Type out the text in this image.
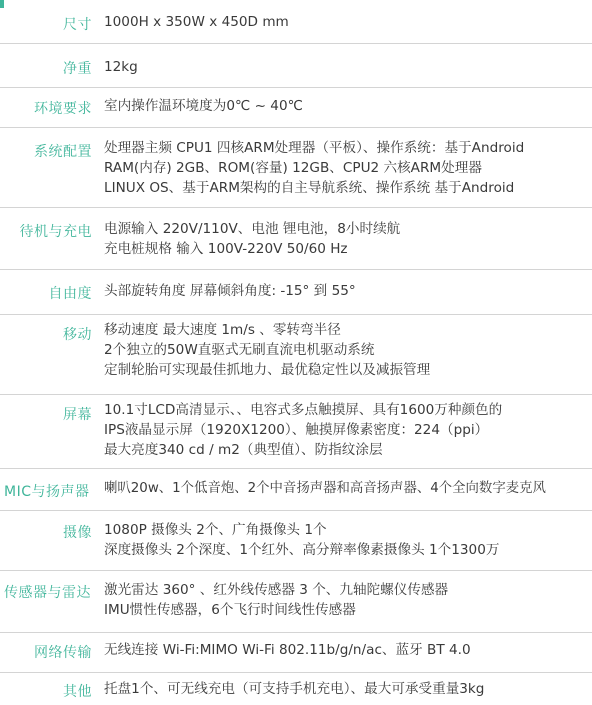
尺寸 1000H x 350W x 450D mm
净重 12kg
环境要求 室内操作温环境度为0℃ ~ 40℃
系统配置 处理器主频 CPU1 四核ARM处理器（平板）、操作系统：基于Android
RAM(内存) 2GB、ROM(容量) 12GB、CPU2 六核ARM处理器
LINUX OS、基于ARM架构的自主导航系统、操作系统 基于Android
待机与充电 电源输入 220V/110V、电池 锂电池，8小时续航
充电桩规格 输入 100V-220V 50/60 Hz
自由度 头部旋转角度 屏幕倾斜角度: -15° 到 55°
移动 移动速度 最大速度 1m/s 、零转弯半径
2个独立的50W直驱式无刷直流电机驱动系统
定制轮胎可实现最佳抓地力、最优稳定性以及减振管理
屏幕 10.1寸LCD高清显示、、电容式多点触摸屏、具有1600万种颜色的
IPS液晶显示屏（1920X1200）、触摸屏像素密度：224（ppi）
最大亮度340 cd / m2（典型值）、防指纹涂层
MIC与扬声器 喇叭20w、1个低音炮、2个中音扬声器和高音扬声器、4个全向数字麦克风
摄像 1080P 摄像头 2个、广角摄像头 1个
深度摄像头 2个深度、1个红外、高分辩率像素摄像头 1个1300万
传感器与雷达 激光雷达 360° 、红外线传感器 3 个、九轴陀螺仪传感器
IMU惯性传感器，6个飞行时间线性传感器
网络传输 无线连接 Wi-Fi:MIMO Wi-Fi 802.11b/g/n/ac、蓝牙 BT 4.0
其他 托盘1个、可无线充电（可支持手机充电）、最大可承受重量3kg
